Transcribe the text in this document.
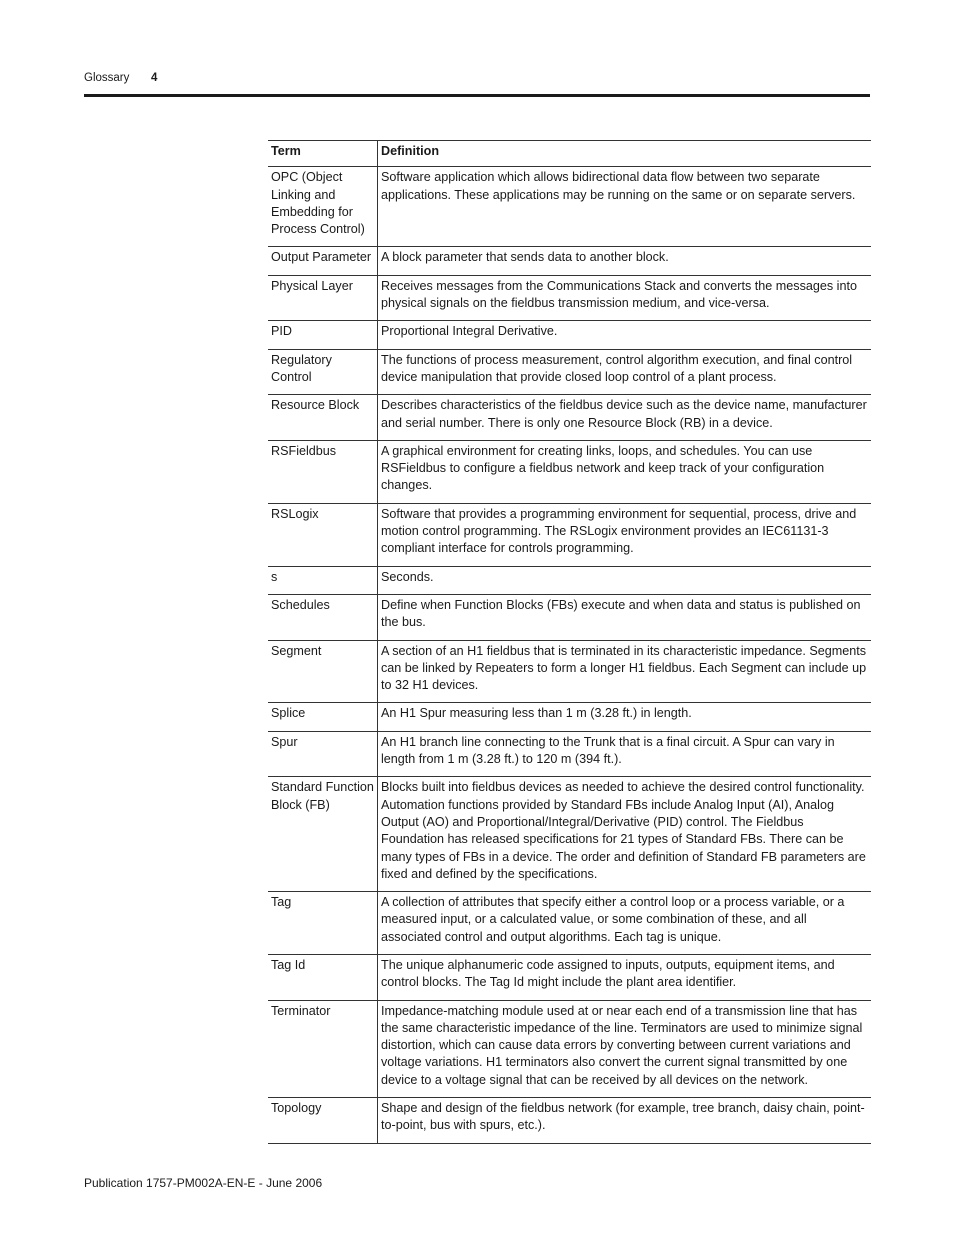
Glossary 4
Term	Definition
OPC (Object Linking and Embedding for Process Control)	Software application which allows bidirectional data flow between two separate applications. These applications may be running on the same or on separate servers.
Output Parameter	A block parameter that sends data to another block.
Physical Layer	Receives messages from the Communications Stack and converts the messages into physical signals on the fieldbus transmission medium, and vice-versa.
PID	Proportional Integral Derivative.
Regulatory Control	The functions of process measurement, control algorithm execution, and final control device manipulation that provide closed loop control of a plant process.
Resource Block	Describes characteristics of the fieldbus device such as the device name, manufacturer and serial number. There is only one Resource Block (RB) in a device.
RSFieldbus	A graphical environment for creating links, loops, and schedules. You can use RSFieldbus to configure a fieldbus network and keep track of your configuration changes.
RSLogix	Software that provides a programming environment for sequential, process, drive and motion control programming. The RSLogix environment provides an IEC61131-3 compliant interface for controls programming.
s	Seconds.
Schedules	Define when Function Blocks (FBs) execute and when data and status is published on the bus.
Segment	A section of an H1 fieldbus that is terminated in its characteristic impedance. Segments can be linked by Repeaters to form a longer H1 fieldbus. Each Segment can include up to 32 H1 devices.
Splice	An H1 Spur measuring less than 1 m (3.28 ft.) in length.
Spur	An H1 branch line connecting to the Trunk that is a final circuit. A Spur can vary in length from 1 m (3.28 ft.) to 120 m (394 ft.).
Standard Function Block (FB)	Blocks built into fieldbus devices as needed to achieve the desired control functionality. Automation functions provided by Standard FBs include Analog Input (AI), Analog Output (AO) and Proportional/Integral/Derivative (PID) control. The Fieldbus Foundation has released specifications for 21 types of Standard FBs. There can be many types of FBs in a device. The order and definition of Standard FB parameters are fixed and defined by the specifications.
Tag	A collection of attributes that specify either a control loop or a process variable, or a measured input, or a calculated value, or some combination of these, and all associated control and output algorithms. Each tag is unique.
Tag Id	The unique alphanumeric code assigned to inputs, outputs, equipment items, and control blocks. The Tag Id might include the plant area identifier.
Terminator	Impedance-matching module used at or near each end of a transmission line that has the same characteristic impedance of the line. Terminators are used to minimize signal distortion, which can cause data errors by converting between current variations and voltage variations. H1 terminators also convert the current signal transmitted by one device to a voltage signal that can be received by all devices on the network.
Topology	Shape and design of the fieldbus network (for example, tree branch, daisy chain, point-to-point, bus with spurs, etc.).
Publication 1757-PM002A-EN-E - June 2006
